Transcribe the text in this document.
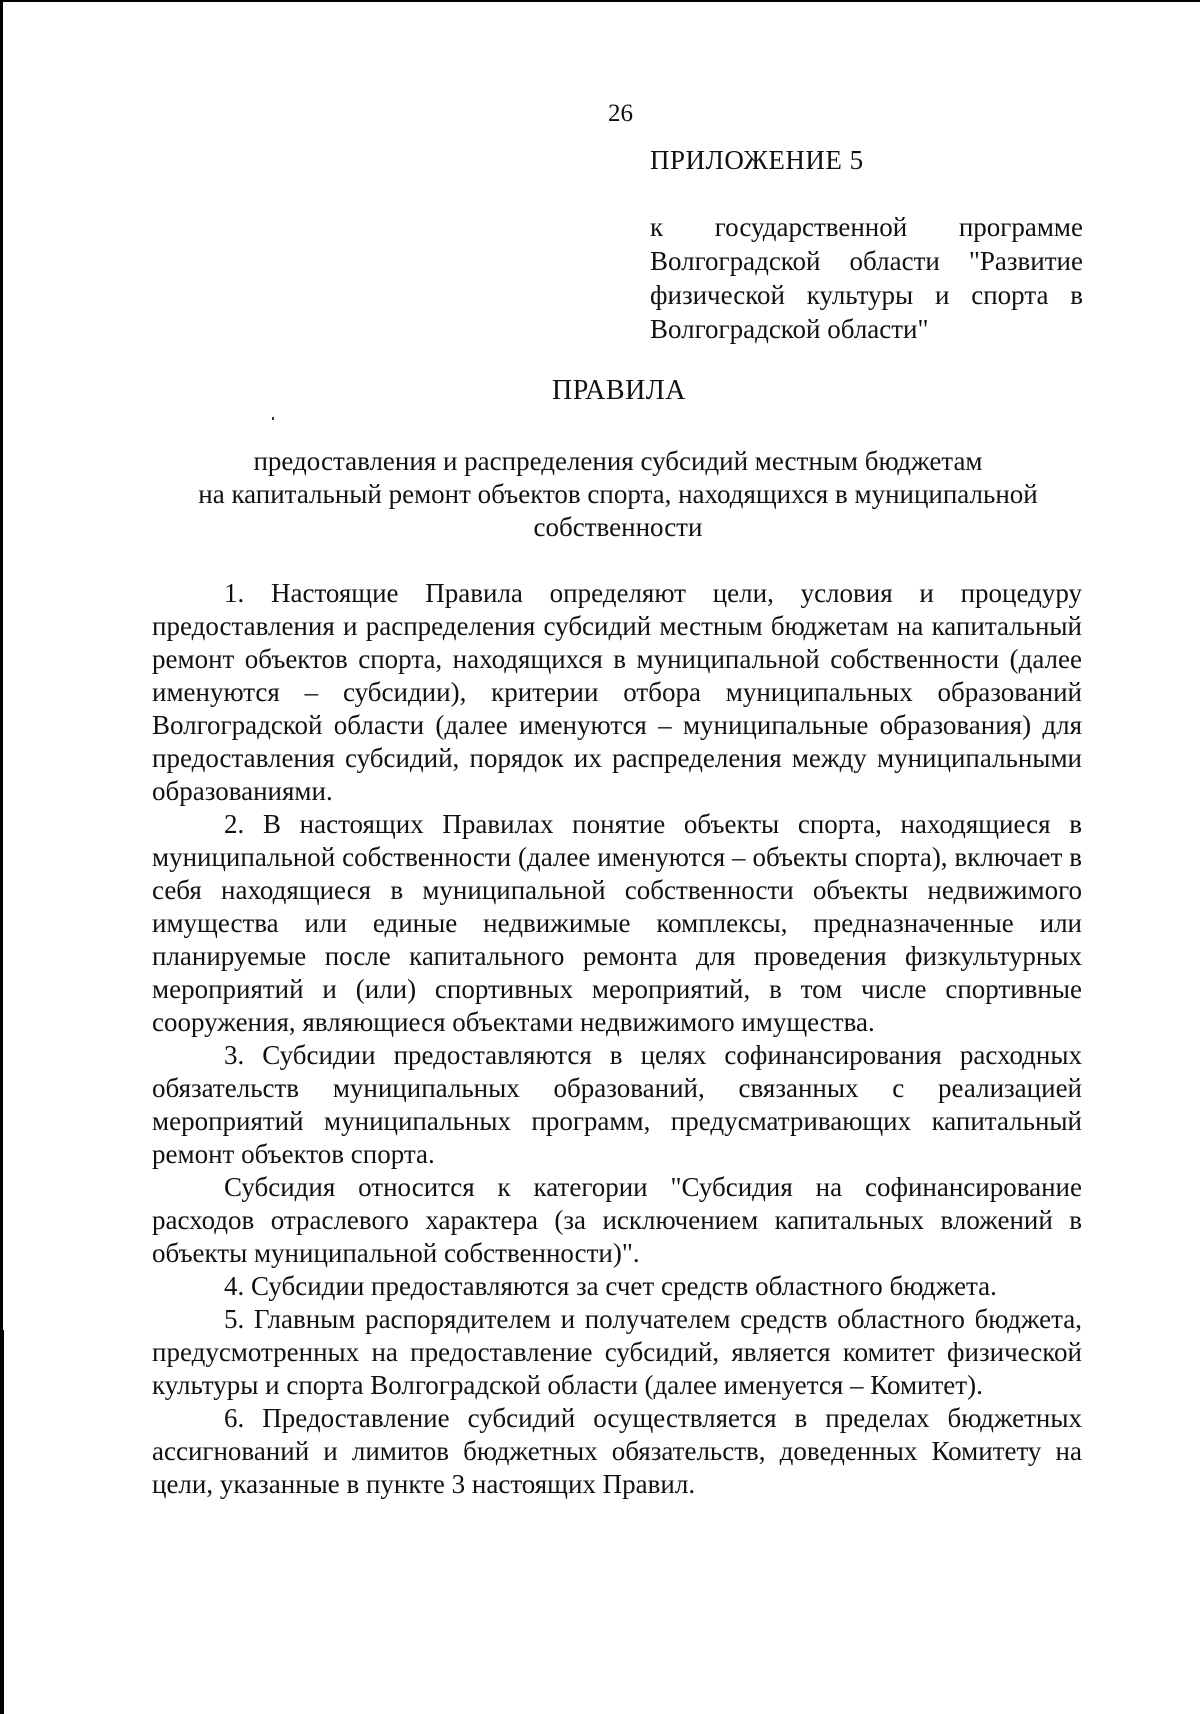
26
ПРИЛОЖЕНИЕ 5
к государственной программе Волгоградской области "Развитие физической культуры и спорта в Волгоградской области"
ПРАВИЛА
предоставления и распределения субсидий местным бюджетам
на капитальный ремонт объектов спорта, находящихся в муниципальной
собственности

1. Настоящие Правила определяют цели, условия и процедуру предоставления и распределения субсидий местным бюджетам на капитальный ремонт объектов спорта, находящихся в муниципальной собственности (далее именуются – субсидии), критерии отбора муниципальных образований Волгоградской области (далее именуются – муниципальные образования) для предоставления субсидий, порядок их распределения между муниципальными образованиями.

2. В настоящих Правилах понятие объекты спорта, находящиеся в муниципальной собственности (далее именуются – объекты спорта), включает в себя находящиеся в муниципальной собственности объекты недвижимого имущества или единые недвижимые комплексы, предназначенные или планируемые после капитального ремонта для проведения физкультурных мероприятий и (или) спортивных мероприятий, в том числе спортивные сооружения, являющиеся объектами недвижимого имущества.

3. Субсидии предоставляются в целях софинансирования расходных обязательств муниципальных образований, связанных с реализацией мероприятий муниципальных программ, предусматривающих капитальный ремонт объектов спорта.

Субсидия относится к категории "Субсидия на софинансирование расходов отраслевого характера (за исключением капитальных вложений в объекты муниципальной собственности)".

4. Субсидии предоставляются за счет средств областного бюджета.

5. Главным распорядителем и получателем средств областного бюджета, предусмотренных на предоставление субсидий, является комитет физической культуры и спорта Волгоградской области (далее именуется – Комитет).

6. Предоставление субсидий осуществляется в пределах бюджетных ассигнований и лимитов бюджетных обязательств, доведенных Комитету на цели, указанные в пункте 3 настоящих Правил.
